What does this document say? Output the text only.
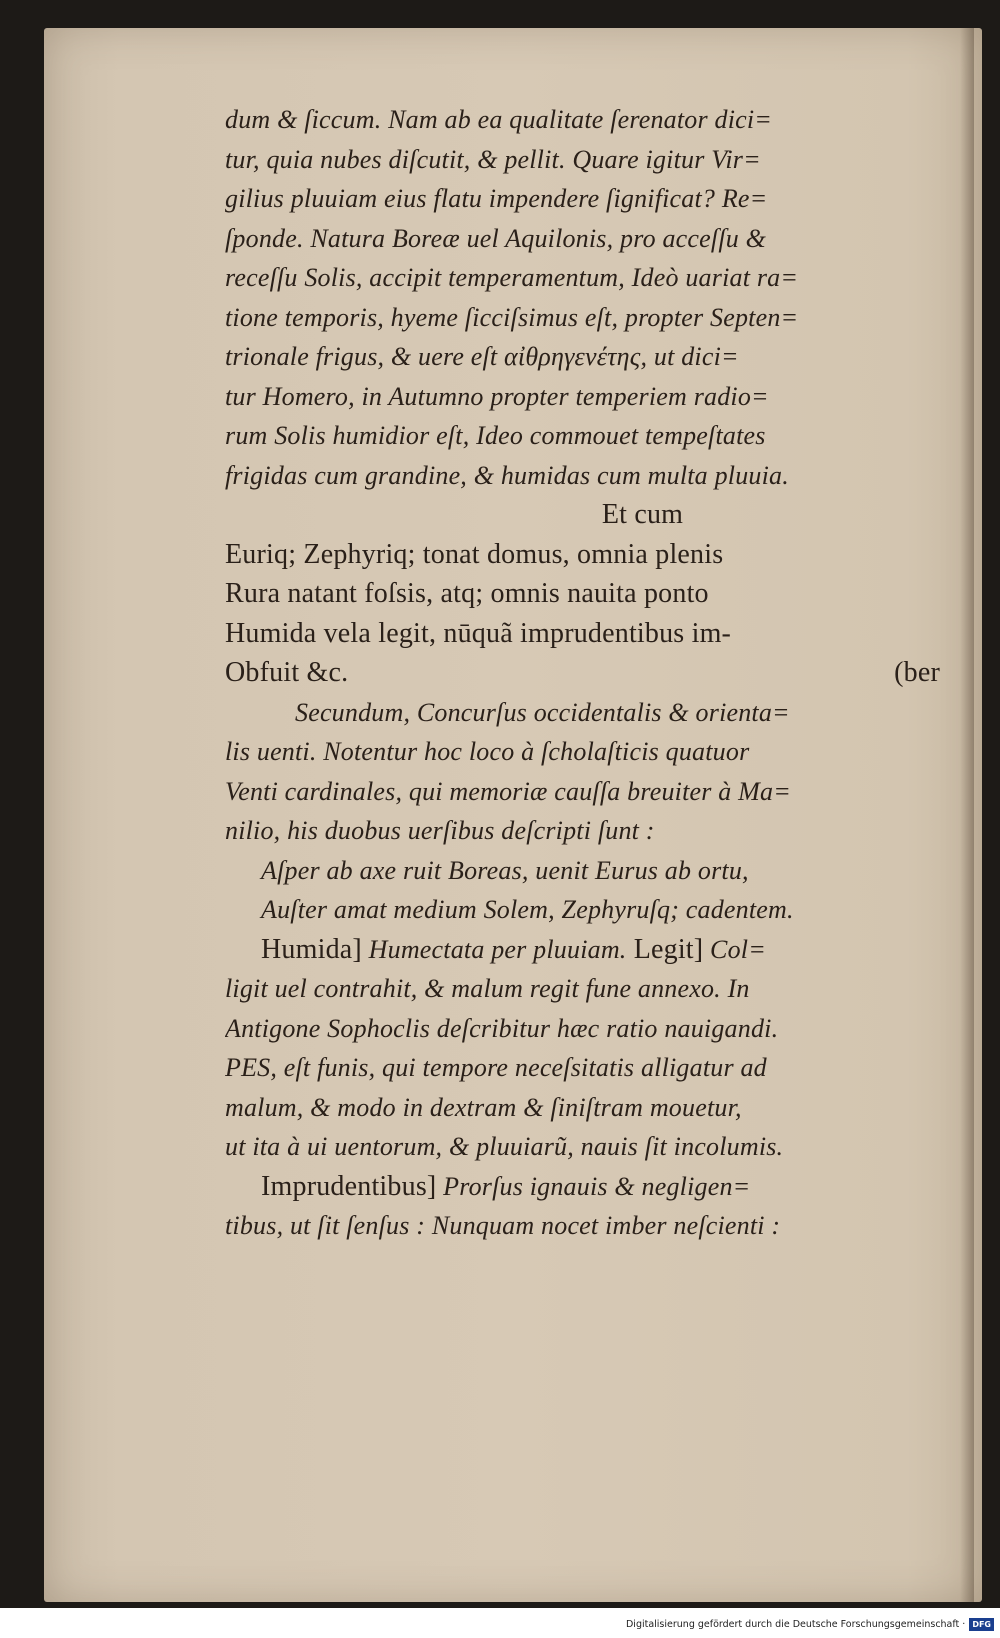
dum & ſiccum. Nam ab ea qualitate ſerenator dici=
tur, quia nubes diſcutit, & pellit. Quare igitur Vir=
gilius pluuiam eius flatu impendere ſignificat? Re=
ſponde. Natura Boreæ uel Aquilonis, pro acceſſu &
receſſu Solis, accipit temperamentum, Ideò uariat ra=
tione temporis, hyeme ſicciſsimus eſt, propter Septen=
trionale frigus, & uere eſt αἰθρηγενέτης, ut dici=
tur Homero, in Autumno propter temperiem radio=
rum Solis humidior eſt, Ideo commouet tempeſtates
frigidas cum grandine, & humidas cum multa pluuia.
Et cum
Euriq; Zephyriq; tonat domus, omnia plenis
Rura natant foſsis, atq; omnis nauita ponto
Humida vela legit, nūquã imprudentibus im-
Obfuit &c.	(ber
Secundum, Concurſus occidentalis & orienta=
lis uenti. Notentur hoc loco à ſcholaſticis quatuor
Venti cardinales, qui memoriæ cauſſa breuiter à Ma=
nilio, his duobus uerſibus deſcripti ſunt :
Aſper ab axe ruit Boreas, uenit Eurus ab ortu,
Auſter amat medium Solem, Zephyruſq; cadentem.
Humida] Humectata per pluuiam. Legit] Col=
ligit uel contrahit, & malum regit fune annexo. In
Antigone Sophoclis deſcribitur hæc ratio nauigandi.
PES, eſt funis, qui tempore neceſsitatis alligatur ad
malum, & modo in dextram & ſiniſtram mouetur,
ut ita à ui uentorum, & pluuiarũ, nauis ſit incolumis.
Imprudentibus] Prorſus ignauis & negligen=
tibus, ut ſit ſenſus : Nunquam nocet imber neſcienti :
Digitalisierung gefördert durch die Deutsche Forschungsgemeinschaft · DFG
